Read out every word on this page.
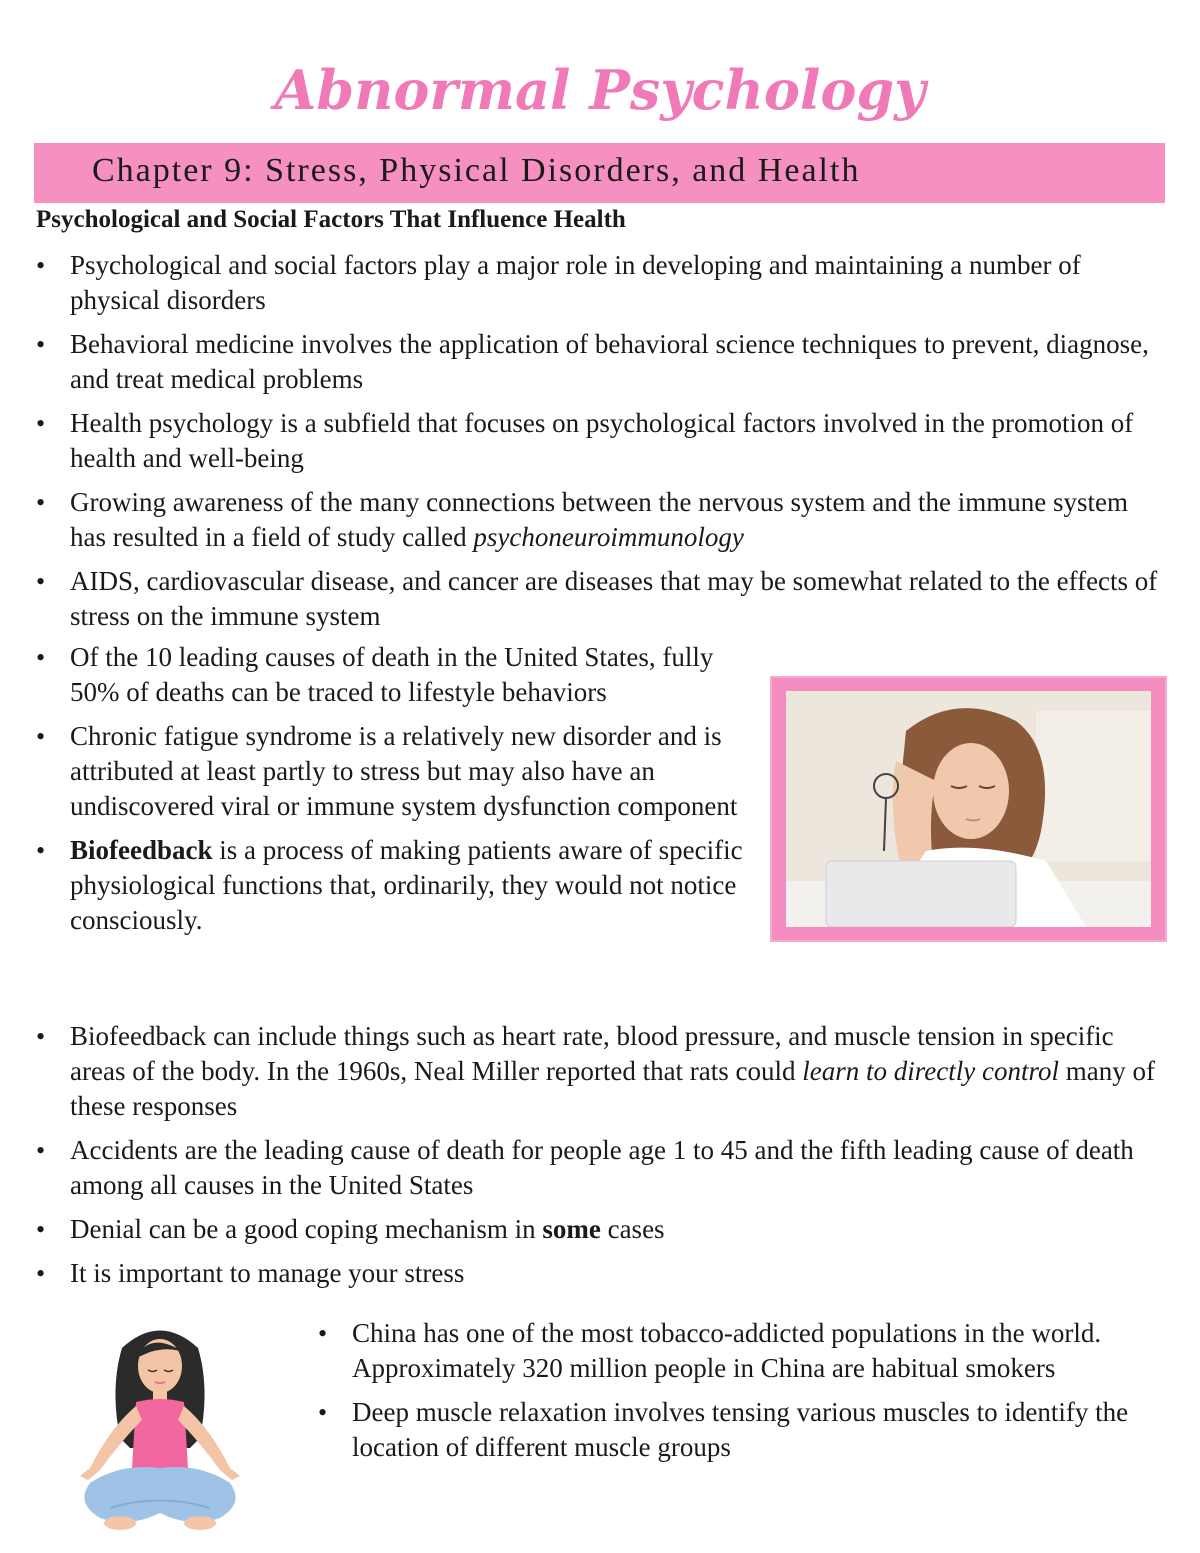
Abnormal Psychology
Chapter 9: Stress, Physical Disorders, and Health
Psychological and Social Factors That Influence Health
• Psychological and social factors play a major role in developing and maintaining a number of physical disorders
• Behavioral medicine involves the application of behavioral science techniques to prevent, diagnose, and treat medical problems
• Health psychology is a subfield that focuses on psychological factors involved in the promotion of health and well-being
• Growing awareness of the many connections between the nervous system and the immune system has resulted in a field of study called psychoneuroimmunology
• AIDS, cardiovascular disease, and cancer are diseases that may be somewhat related to the effects of stress on the immune system
• Of the 10 leading causes of death in the United States, fully 50% of deaths can be traced to lifestyle behaviors
• Chronic fatigue syndrome is a relatively new disorder and is attributed at least partly to stress but may also have an undiscovered viral or immune system dysfunction component
• Biofeedback is a process of making patients aware of specific physiological functions that, ordinarily, they would not notice consciously.
• Biofeedback can include things such as heart rate, blood pressure, and muscle tension in specific areas of the body. In the 1960s, Neal Miller reported that rats could learn to directly control many of these responses
• Accidents are the leading cause of death for people age 1 to 45 and the fifth leading cause of death among all causes in the United States
• Denial can be a good coping mechanism in some cases
• It is important to manage your stress
• China has one of the most tobacco-addicted populations in the world. Approximately 320 million people in China are habitual smokers
• Deep muscle relaxation involves tensing various muscles to identify the location of different muscle groups
